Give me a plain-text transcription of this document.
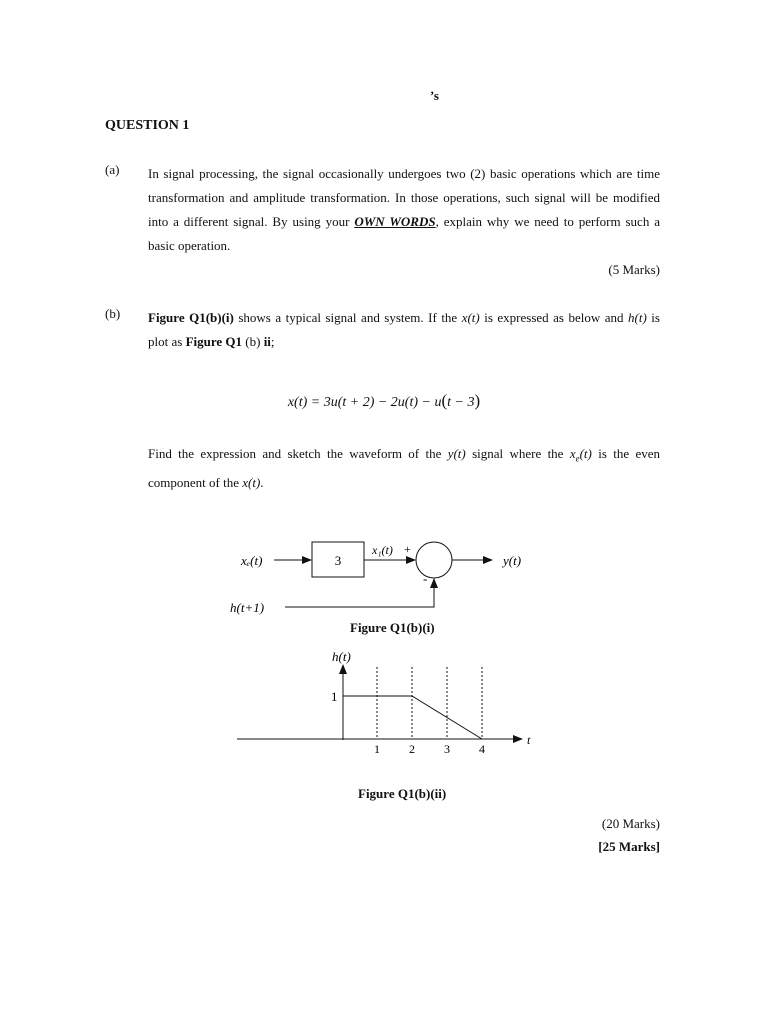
’s
QUESTION 1
(a) In signal processing, the signal occasionally undergoes two (2) basic operations which are time transformation and amplitude transformation. In those operations, such signal will be modified into a different signal. By using your OWN WORDS, explain why we need to perform such a basic operation.
(5 Marks)
(b) Figure Q1(b)(i) shows a typical signal and system. If the x(t) is expressed as below and h(t) is plot as Figure Q1 (b) ii;
x(t) = 3u(t + 2) − 2u(t) − u(t − 3)
Find the expression and sketch the waveform of the y(t) signal where the $x_e(t)$ is the even component of the x(t).
xₑ(t)	3
x₁(t) +
y(t)
h(t+1)
-
Figure Q1(b)(i)
h(t)
t
1
1 2 3 4
Figure Q1(b)(ii)
(20 Marks)
[25 Marks]
